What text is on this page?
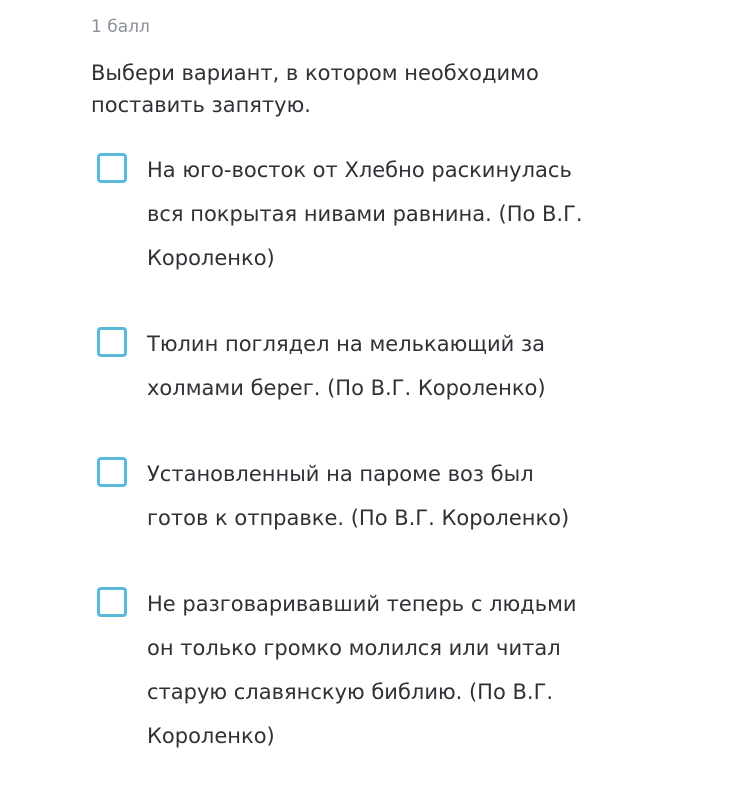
1 балл
Выбери вариант, в котором необходимо поставить запятую.
На юго-восток от Хлебно раскинулась вся покрытая нивами равнина. (По В.Г. Короленко)
Тюлин поглядел на мелькающий за холмами берег. (По В.Г. Короленко)
Установленный на пароме воз был готов к отправке. (По В.Г. Короленко)
Не разговаривавший теперь с людьми он только громко молился или читал старую славянскую библию. (По В.Г. Короленко)
